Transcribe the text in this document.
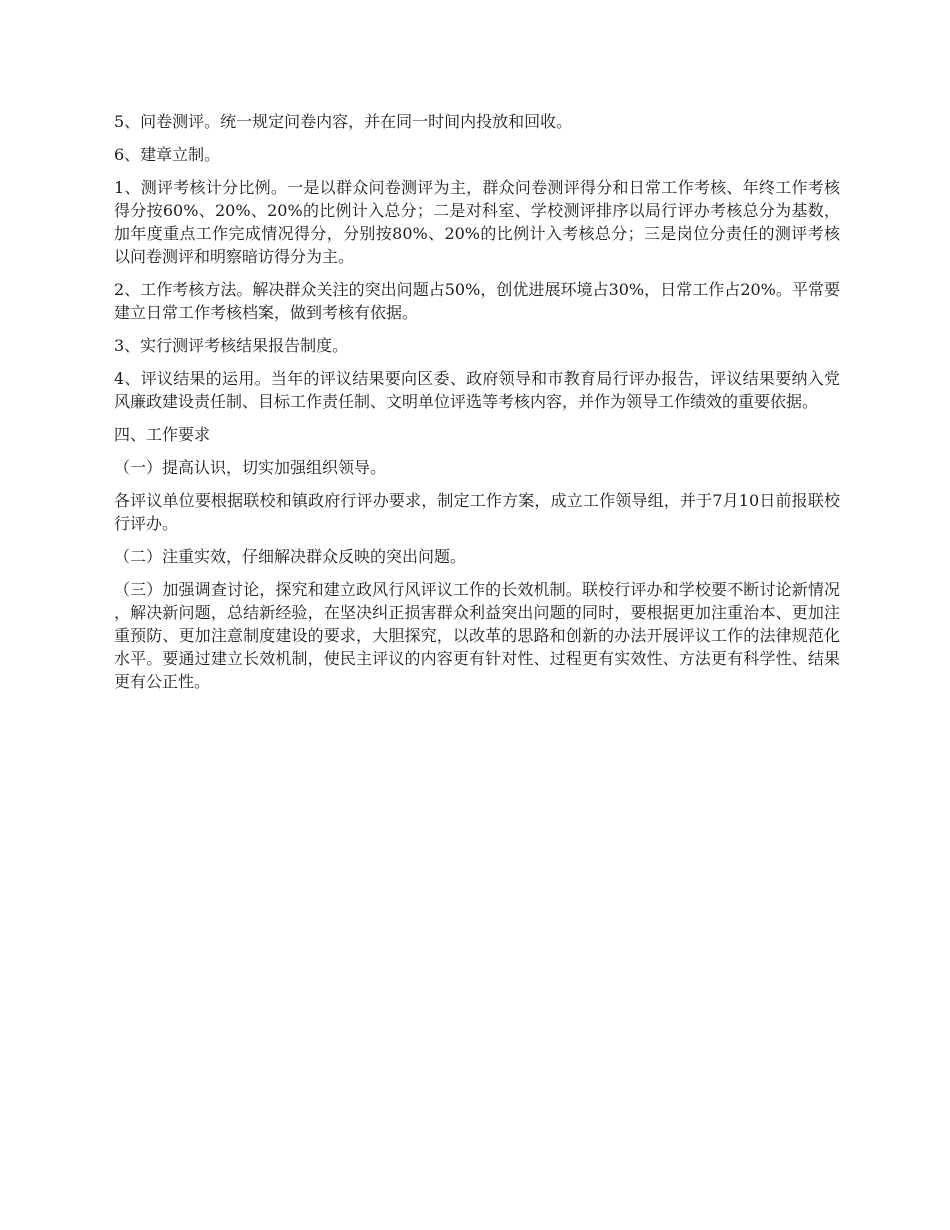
5、问卷测评。统一规定问卷内容，并在同一时间内投放和回收。

6、建章立制。

1、测评考核计分比例。一是以群众问卷测评为主，群众问卷测评得分和日常工作考核、年终工作考核得分按60%、20%、20%的比例计入总分；二是对科室、学校测评排序以局行评办考核总分为基数，加年度重点工作完成情况得分，分别按80%、20%的比例计入考核总分；三是岗位分责任的测评考核以问卷测评和明察暗访得分为主。

2、工作考核方法。解决群众关注的突出问题占50%，创优进展环境占30%，日常工作占20%。平常要建立日常工作考核档案，做到考核有依据。

3、实行测评考核结果报告制度。

4、评议结果的运用。当年的评议结果要向区委、政府领导和市教育局行评办报告，评议结果要纳入党风廉政建设责任制、目标工作责任制、文明单位评选等考核内容，并作为领导工作绩效的重要依据。

四、工作要求

（一）提高认识，切实加强组织领导。

各评议单位要根据联校和镇政府行评办要求，制定工作方案，成立工作领导组，并于7月10日前报联校行评办。

（二）注重实效，仔细解决群众反映的突出问题。

（三）加强调查讨论，探究和建立政风行风评议工作的长效机制。联校行评办和学校要不断讨论新情况，解决新问题，总结新经验，在坚决纠正损害群众利益突出问题的同时，要根据更加注重治本、更加注重预防、更加注意制度建设的要求，大胆探究，以改革的思路和创新的办法开展评议工作的法律规范化水平。要通过建立长效机制，使民主评议的内容更有针对性、过程更有实效性、方法更有科学性、结果更有公正性。
